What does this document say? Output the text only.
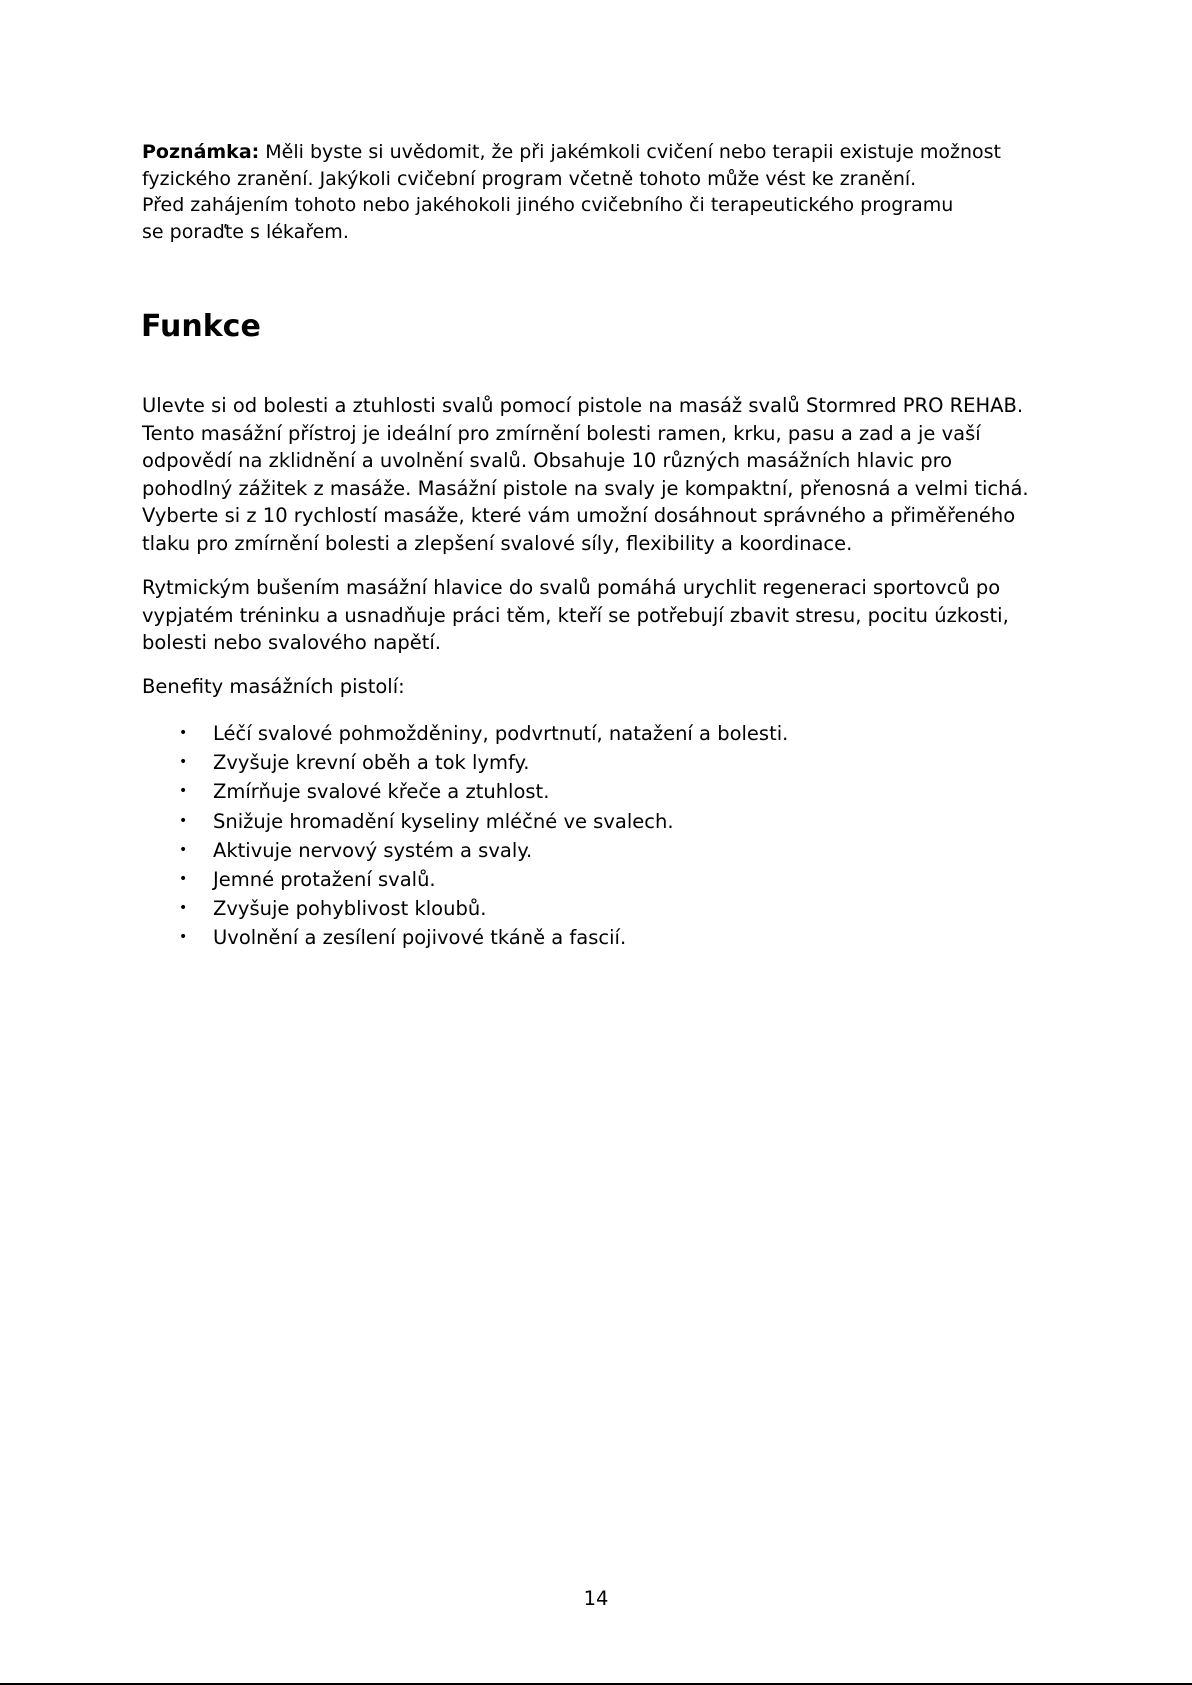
Poznámka: Měli byste si uvědomit, že při jakémkoli cvičení nebo terapii existuje možnost
fyzického zranění. Jakýkoli cvičební program včetně tohoto může vést ke zranění.
Před zahájením tohoto nebo jakéhokoli jiného cvičebního či terapeutického programu
se poraďte s lékařem.
Funkce
Ulevte si od bolesti a ztuhlosti svalů pomocí pistole na masáž svalů Stormred PRO REHAB.
Tento masážní přístroj je ideální pro zmírnění bolesti ramen, krku, pasu a zad a je vaší
odpovědí na zklidnění a uvolnění svalů. Obsahuje 10 různých masážních hlavic pro
pohodlný zážitek z masáže. Masážní pistole na svaly je kompaktní, přenosná a velmi tichá.
Vyberte si z 10 rychlostí masáže, které vám umožní dosáhnout správného a přiměřeného
tlaku pro zmírnění bolesti a zlepšení svalové síly, flexibility a koordinace.
Rytmickým bušením masážní hlavice do svalů pomáhá urychlit regeneraci sportovců po
vypjatém tréninku a usnadňuje práci těm, kteří se potřebují zbavit stresu, pocitu úzkosti,
bolesti nebo svalového napětí.
Benefity masážních pistolí:
• Léčí svalové pohmožděniny, podvrtnutí, natažení a bolesti.
• Zvyšuje krevní oběh a tok lymfy.
• Zmírňuje svalové křeče a ztuhlost.
• Snižuje hromadění kyseliny mléčné ve svalech.
• Aktivuje nervový systém a svaly.
• Jemné protažení svalů.
• Zvyšuje pohyblivost kloubů.
• Uvolnění a zesílení pojivové tkáně a fascií.
14
